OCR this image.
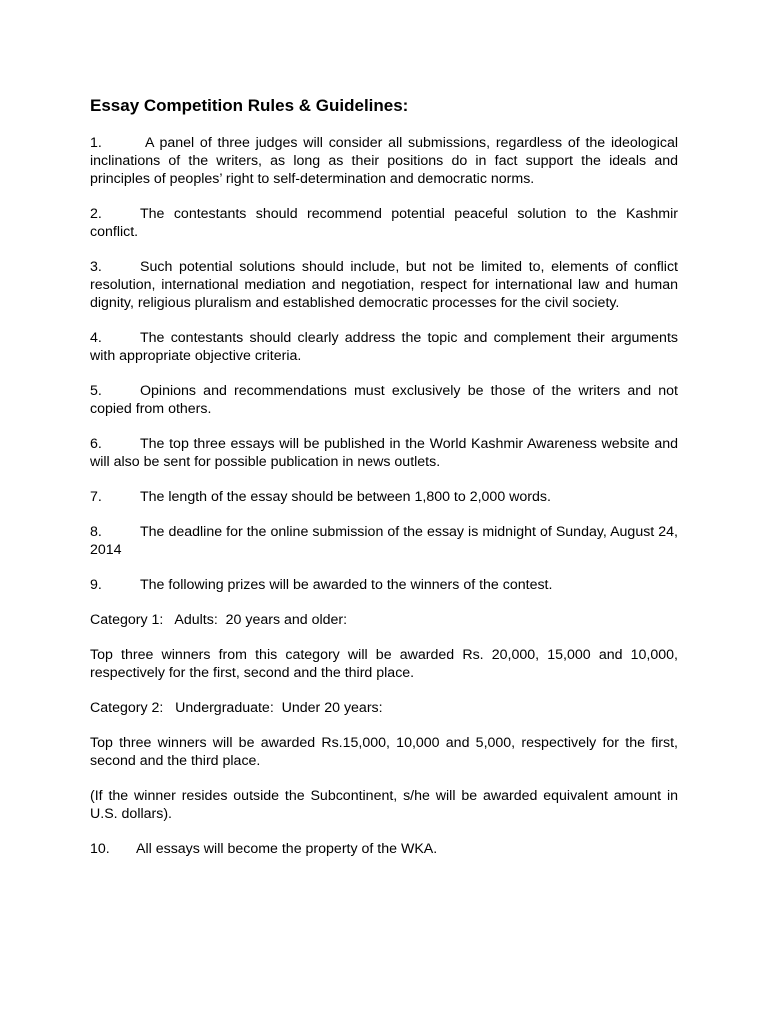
Essay Competition Rules & Guidelines:
1.	A panel of three judges will consider all submissions, regardless of the ideological inclinations of the writers, as long as their positions do in fact support the ideals and principles of peoples’ right to self-determination and democratic norms.
2.	The contestants should recommend potential peaceful solution to the Kashmir conflict.
3.	Such potential solutions should include, but not be limited to, elements of conflict resolution, international mediation and negotiation, respect for international law and human dignity, religious pluralism and established democratic processes for the civil society.
4.	The contestants should clearly address the topic and complement their arguments with appropriate objective criteria.
5.	Opinions and recommendations must exclusively be those of the writers and not copied from others.
6.	The top three essays will be published in the World Kashmir Awareness website and will also be sent for possible publication in news outlets.
7.	The length of the essay should be between 1,800 to 2,000 words.
8.	The deadline for the online submission of the essay is midnight of Sunday, August 24, 2014
9.	The following prizes will be awarded to the winners of the contest.
Category 1:   Adults:  20 years and older:
Top three winners from this category will be awarded Rs. 20,000, 15,000 and 10,000, respectively for the first, second and the third place.
Category 2:   Undergraduate:  Under 20 years:
Top three winners will be awarded Rs.15,000, 10,000 and 5,000, respectively for the first, second and the third place.
(If the winner resides outside the Subcontinent, s/he will be awarded equivalent amount in U.S. dollars).
10. All essays will become the property of the WKA.
